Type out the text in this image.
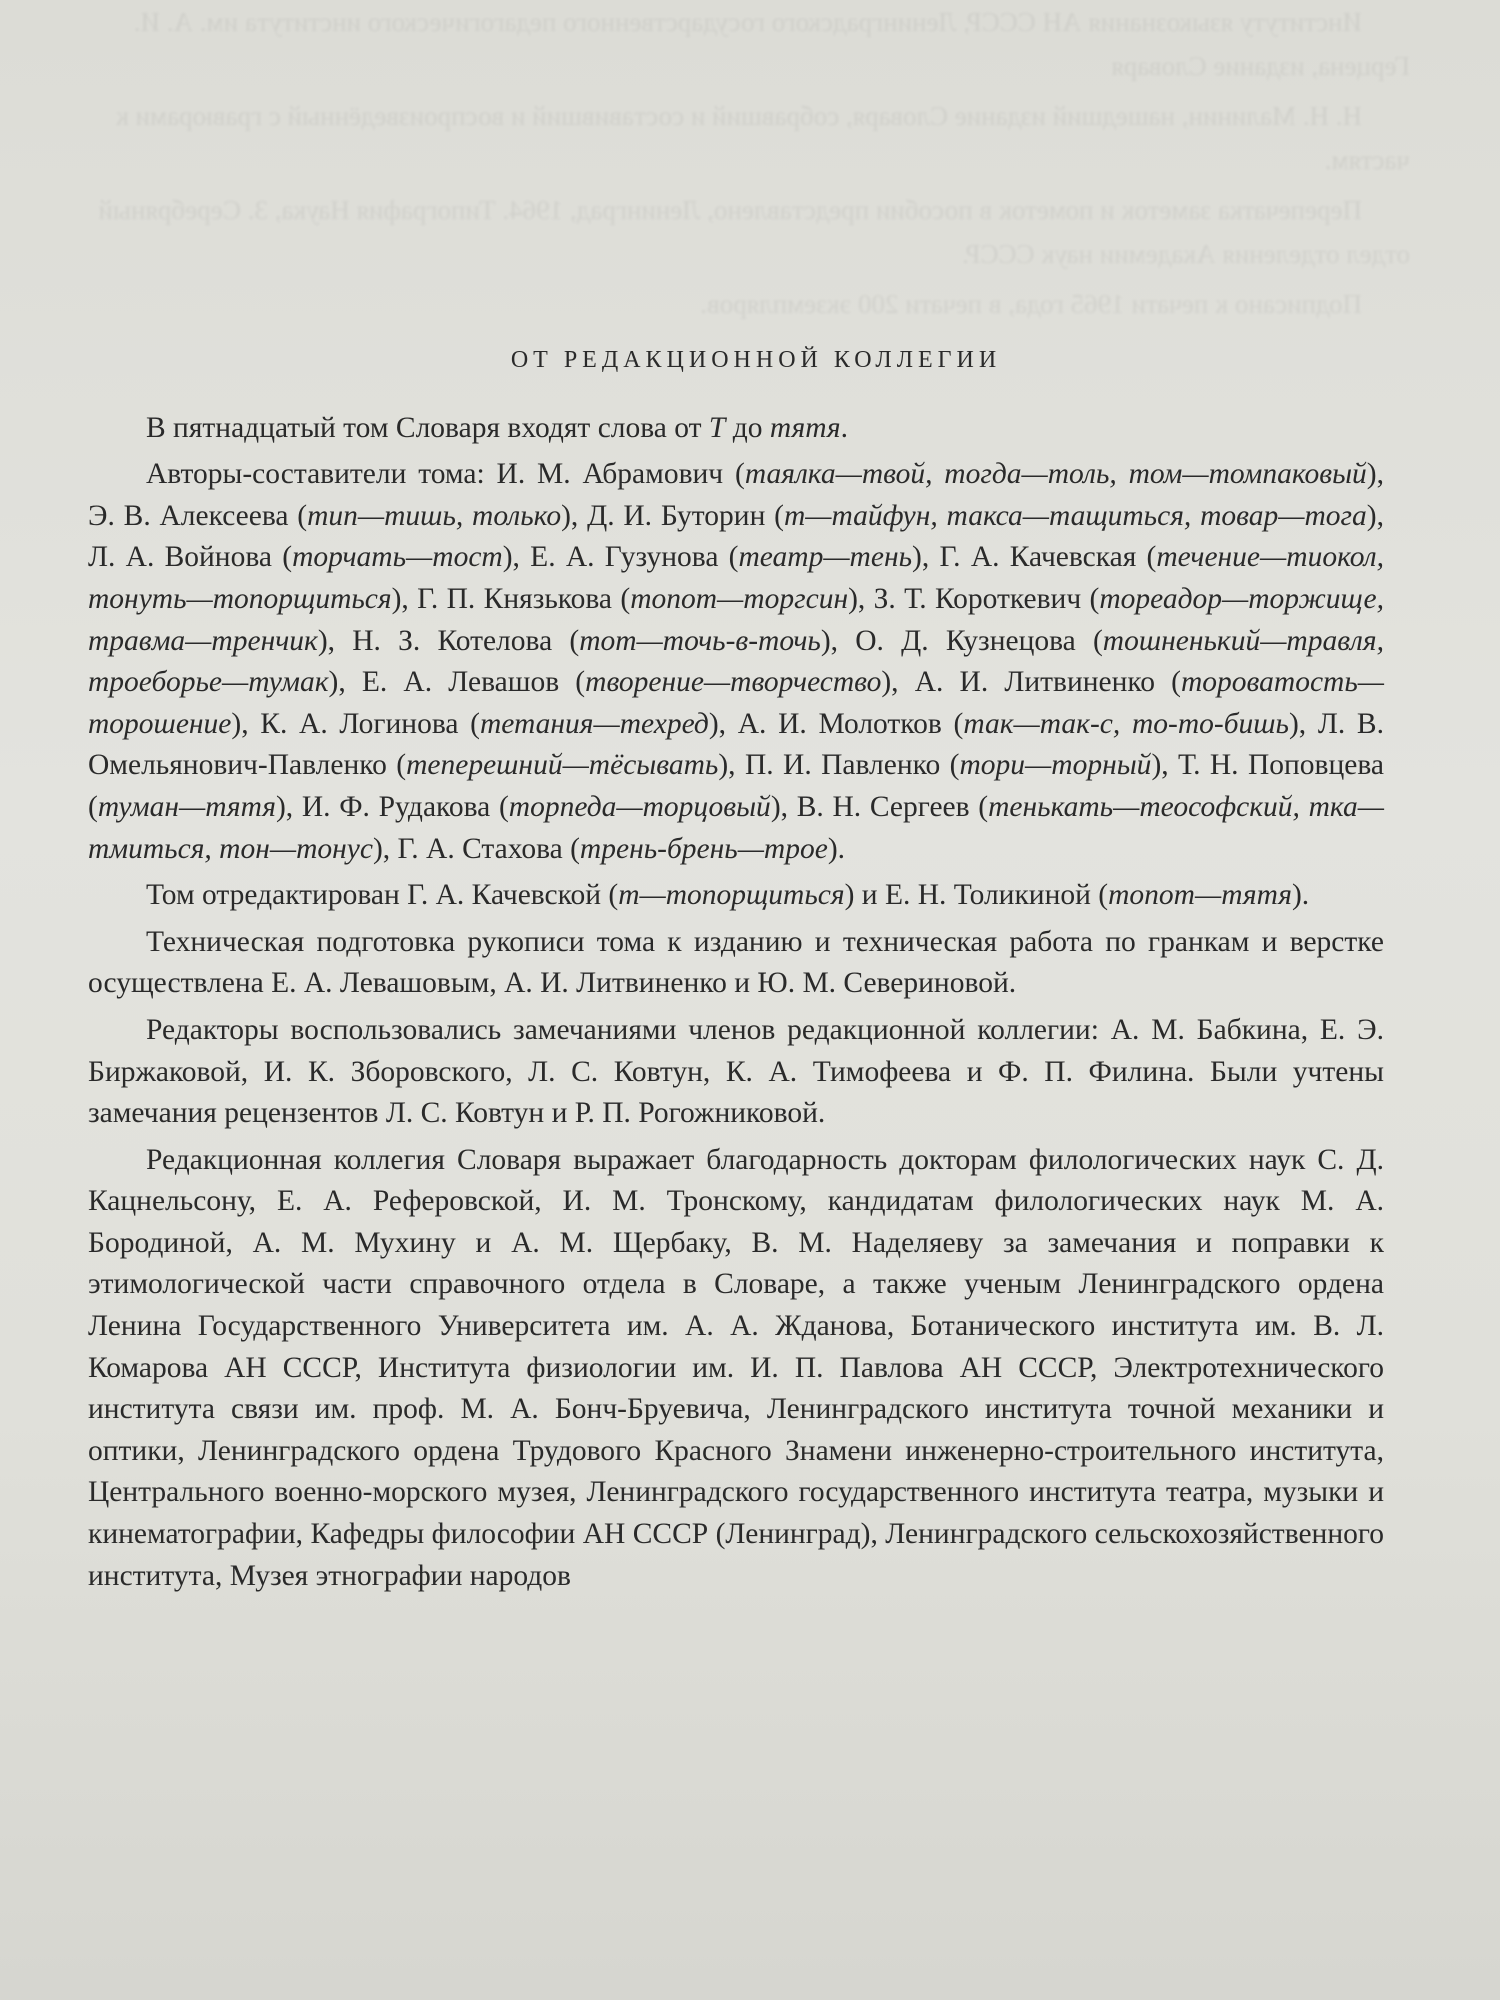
Институту языкознания АН СССР, Ленинградского государственного педагогического института им. А. И. Герцена, издание Словаря

Н. Н. Малинин, нашедший издание Словаря, собравший и составивший и воспроизведённый с гравюрами к частям.

Перепечатка заметок и пометок в пособии представлено, Ленинград, 1964. Типография Наука, 3. Серебряный отдел отделения Академии наук СССР.

Подписано к печати 1965 года, в печати 200 экземпляров.

ОТ РЕДАКЦИОННОЙ КОЛЛЕГИИ

В пятнадцатый том Словаря входят слова от Т до тятя.

Авторы-составители тома: И. М. Абрамович (таялка—твой, тогда—толь, том—томпаковый), Э. В. Алексеева (тип—тишь, только), Д. И. Буторин (т—тайфун, такса—тащиться, товар—тога), Л. А. Войнова (торчать—тост), Е. А. Гузунова (театр—тень), Г. А. Качевская (течение—тиокол, тонуть—топорщиться), Г. П. Князькова (топот—торгсин), З. Т. Короткевич (тореадор—торжище, травма—тренчик), Н. З. Котелова (тот—точь-в-точь), О. Д. Кузнецова (тошненький—травля, троеборье—тумак), Е. А. Левашов (творение—творчество), А. И. Литвиненко (тороватость—торошение), К. А. Логинова (тетания—техред), А. И. Молотков (так—так-с, то-то-бишь), Л. В. Омельянович-Павленко (теперешний—тёсывать), П. И. Павленко (тори—торный), Т. Н. Поповцева (туман—тятя), И. Ф. Рудакова (торпеда—торцовый), В. Н. Сергеев (тенькать—теософский, тка—тмиться, тон—тонус), Г. А. Стахова (трень-брень—трое).

Том отредактирован Г. А. Качевской (т—топорщиться) и Е. Н. Толикиной (топот—тятя).

Техническая подготовка рукописи тома к изданию и техническая работа по гранкам и верстке осуществлена Е. А. Левашовым, А. И. Литвиненко и Ю. М. Севериновой.

Редакторы воспользовались замечаниями членов редакционной коллегии: А. М. Бабкина, Е. Э. Биржаковой, И. К. Зборовского, Л. С. Ковтун, К. А. Тимофеева и Ф. П. Филина. Были учтены замечания рецензентов Л. С. Ковтун и Р. П. Рогожниковой.

Редакционная коллегия Словаря выражает благодарность докторам филологических наук С. Д. Кацнельсону, Е. А. Реферовской, И. М. Тронскому, кандидатам филологических наук М. А. Бородиной, А. М. Мухину и А. М. Щербаку, В. М. Наделяеву за замечания и поправки к этимологической части справочного отдела в Словаре, а также ученым Ленинградского ордена Ленина Государственного Университета им. А. А. Жданова, Ботанического института им. В. Л. Комарова АН СССР, Института физиологии им. И. П. Павлова АН СССР, Электротехнического института связи им. проф. М. А. Бонч-Бруевича, Ленинградского института точной механики и оптики, Ленинградского ордена Трудового Красного Знамени инженерно-строительного института, Центрального военно-морского музея, Ленинградского государственного института театра, музыки и кинематографии, Кафедры философии АН СССР (Ленинград), Ленинградского сельскохозяйственного института, Музея этнографии народов
